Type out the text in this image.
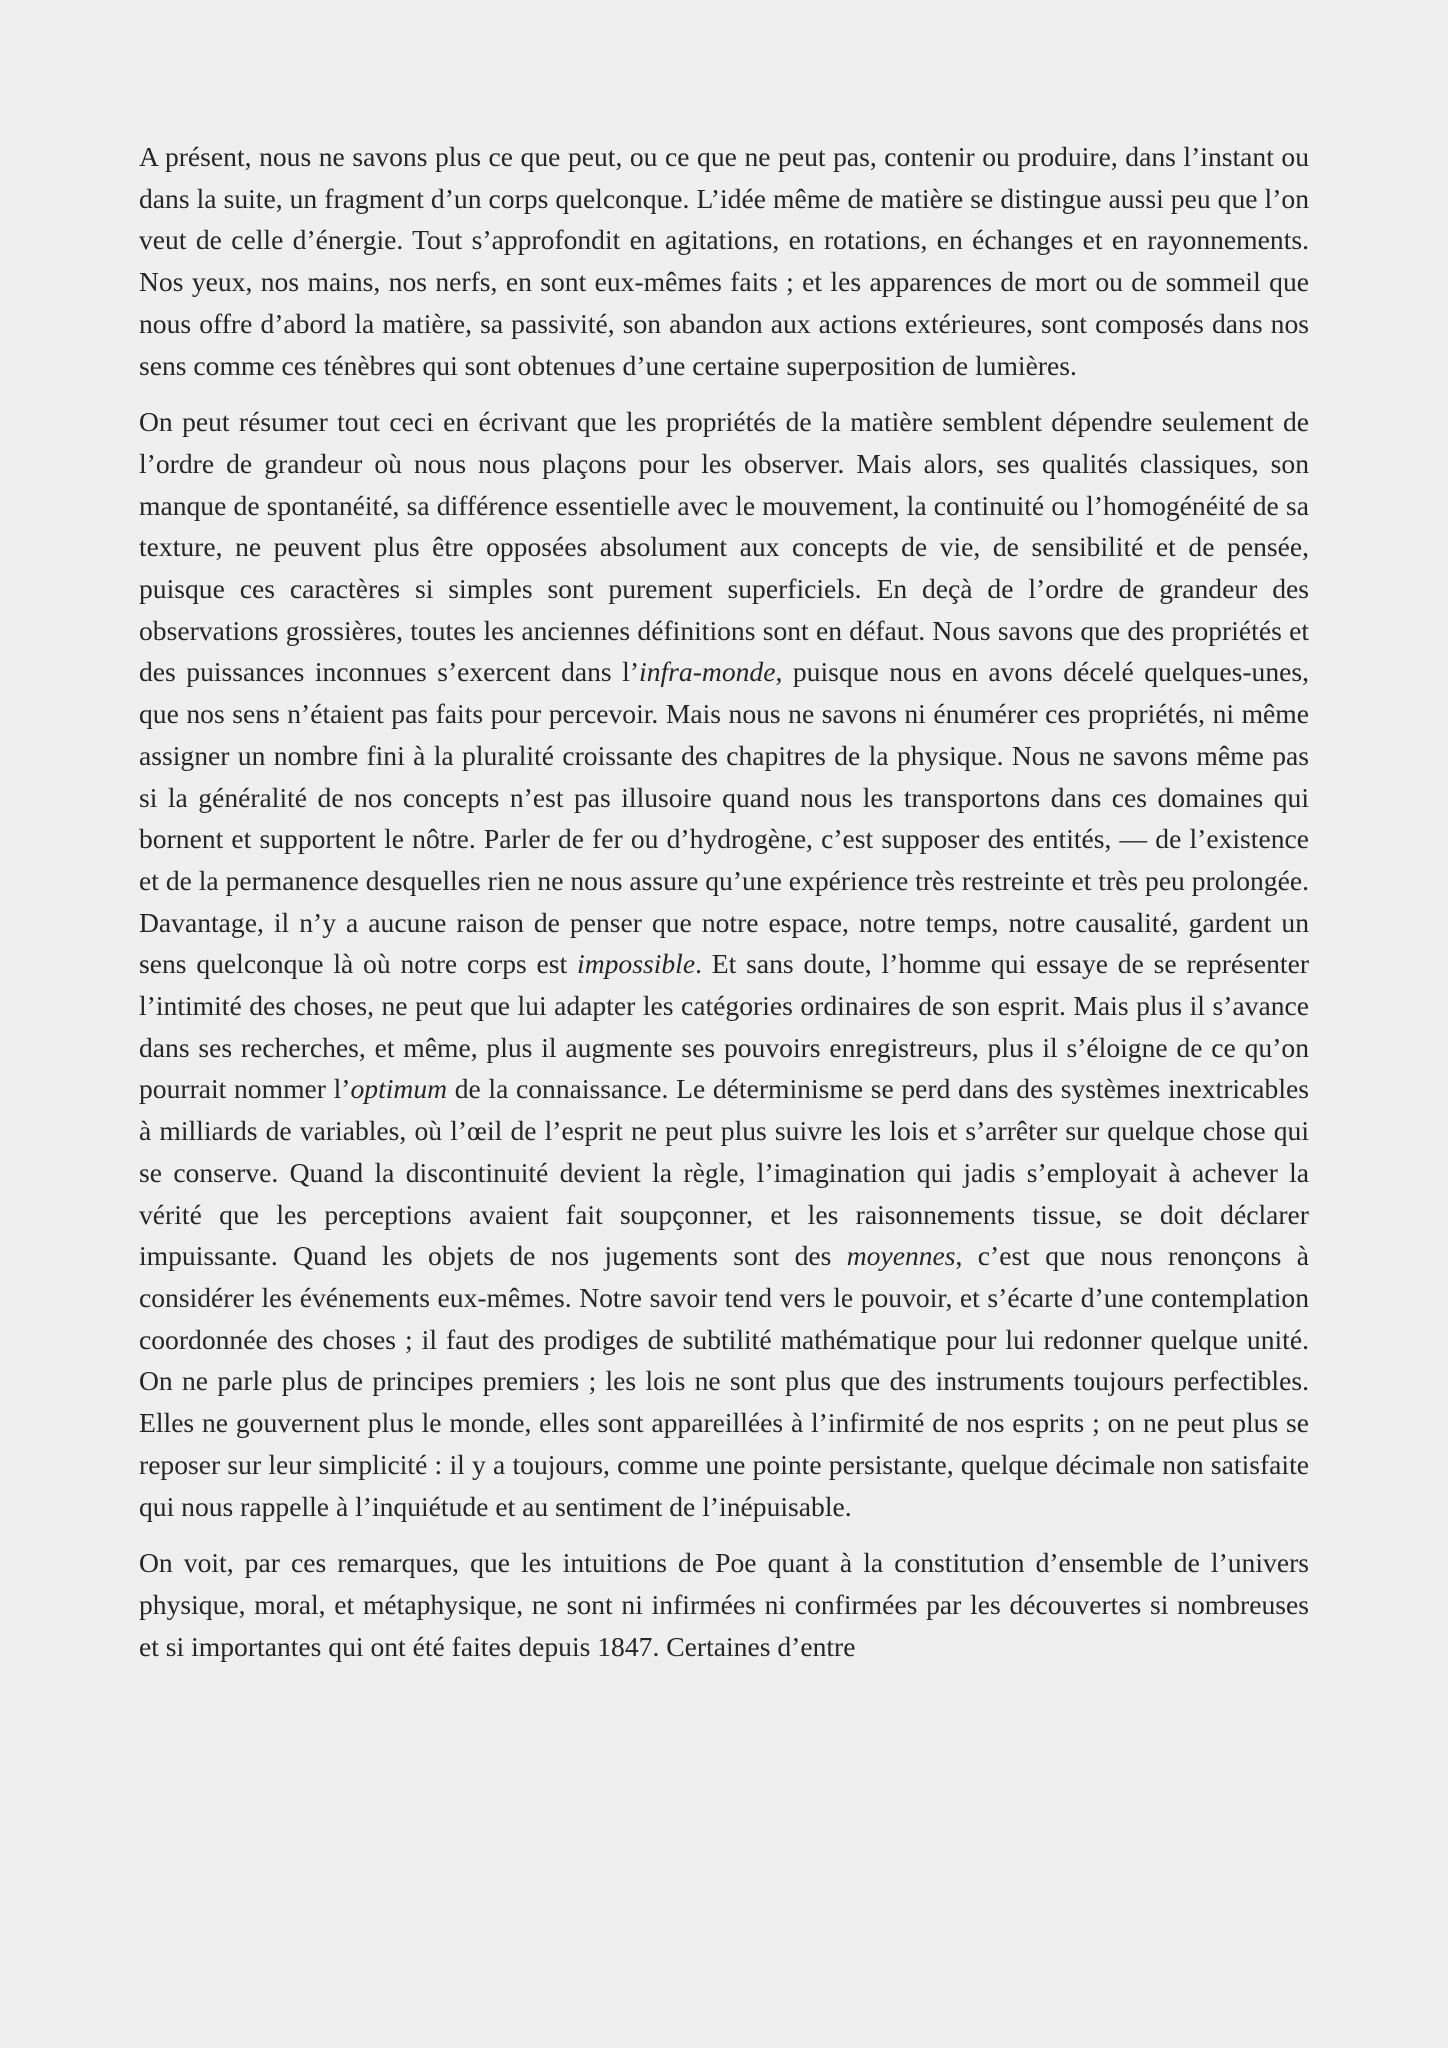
A présent, nous ne savons plus ce que peut, ou ce que ne peut pas, contenir ou produire, dans l’instant ou dans la suite, un fragment d’un corps quelconque. L’idée même de matière se distingue aussi peu que l’on veut de celle d’énergie. Tout s’approfondit en agitations, en rotations, en échanges et en rayonnements. Nos yeux, nos mains, nos nerfs, en sont eux-mêmes faits ; et les apparences de mort ou de sommeil que nous offre d’abord la matière, sa passivité, son abandon aux actions extérieures, sont composés dans nos sens comme ces ténèbres qui sont obtenues d’une certaine superposition de lumières.

On peut résumer tout ceci en écrivant que les propriétés de la matière semblent dépendre seulement de l’ordre de grandeur où nous nous plaçons pour les observer. Mais alors, ses qualités classiques, son manque de spontanéité, sa différence essentielle avec le mouvement, la continuité ou l’homogénéité de sa texture, ne peuvent plus être opposées absolument aux concepts de vie, de sensibilité et de pensée, puisque ces caractères si simples sont purement superficiels. En deçà de l’ordre de grandeur des observations grossières, toutes les anciennes définitions sont en défaut. Nous savons que des propriétés et des puissances inconnues s’exercent dans l’infra-monde, puisque nous en avons décelé quelques-unes, que nos sens n’étaient pas faits pour percevoir. Mais nous ne savons ni énumérer ces propriétés, ni même assigner un nombre fini à la pluralité croissante des chapitres de la physique. Nous ne savons même pas si la généralité de nos concepts n’est pas illusoire quand nous les transportons dans ces domaines qui bornent et supportent le nôtre. Parler de fer ou d’hydrogène, c’est supposer des entités, — de l’existence et de la permanence desquelles rien ne nous assure qu’une expérience très restreinte et très peu prolongée. Davantage, il n’y a aucune raison de penser que notre espace, notre temps, notre causalité, gardent un sens quelconque là où notre corps est impossible. Et sans doute, l’homme qui essaye de se représenter l’intimité des choses, ne peut que lui adapter les catégories ordinaires de son esprit. Mais plus il s’avance dans ses recherches, et même, plus il augmente ses pouvoirs enregistreurs, plus il s’éloigne de ce qu’on pourrait nommer l’optimum de la connaissance. Le déterminisme se perd dans des systèmes inextricables à milliards de variables, où l’œil de l’esprit ne peut plus suivre les lois et s’arrêter sur quelque chose qui se conserve. Quand la discontinuité devient la règle, l’imagination qui jadis s’employait à achever la vérité que les perceptions avaient fait soupçonner, et les raisonnements tissue, se doit déclarer impuissante. Quand les objets de nos jugements sont des moyennes, c’est que nous renonçons à considérer les événements eux-mêmes. Notre savoir tend vers le pouvoir, et s’écarte d’une contemplation coordonnée des choses ; il faut des prodiges de subtilité mathématique pour lui redonner quelque unité. On ne parle plus de principes premiers ; les lois ne sont plus que des instruments toujours perfectibles. Elles ne gouvernent plus le monde, elles sont appareillées à l’infirmité de nos esprits ; on ne peut plus se reposer sur leur simplicité : il y a toujours, comme une pointe persistante, quelque décimale non satisfaite qui nous rappelle à l’inquiétude et au sentiment de l’inépuisable.

On voit, par ces remarques, que les intuitions de Poe quant à la constitution d’ensemble de l’univers physique, moral, et métaphysique, ne sont ni infirmées ni confirmées par les découvertes si nombreuses et si importantes qui ont été faites depuis 1847. Certaines d’entre
